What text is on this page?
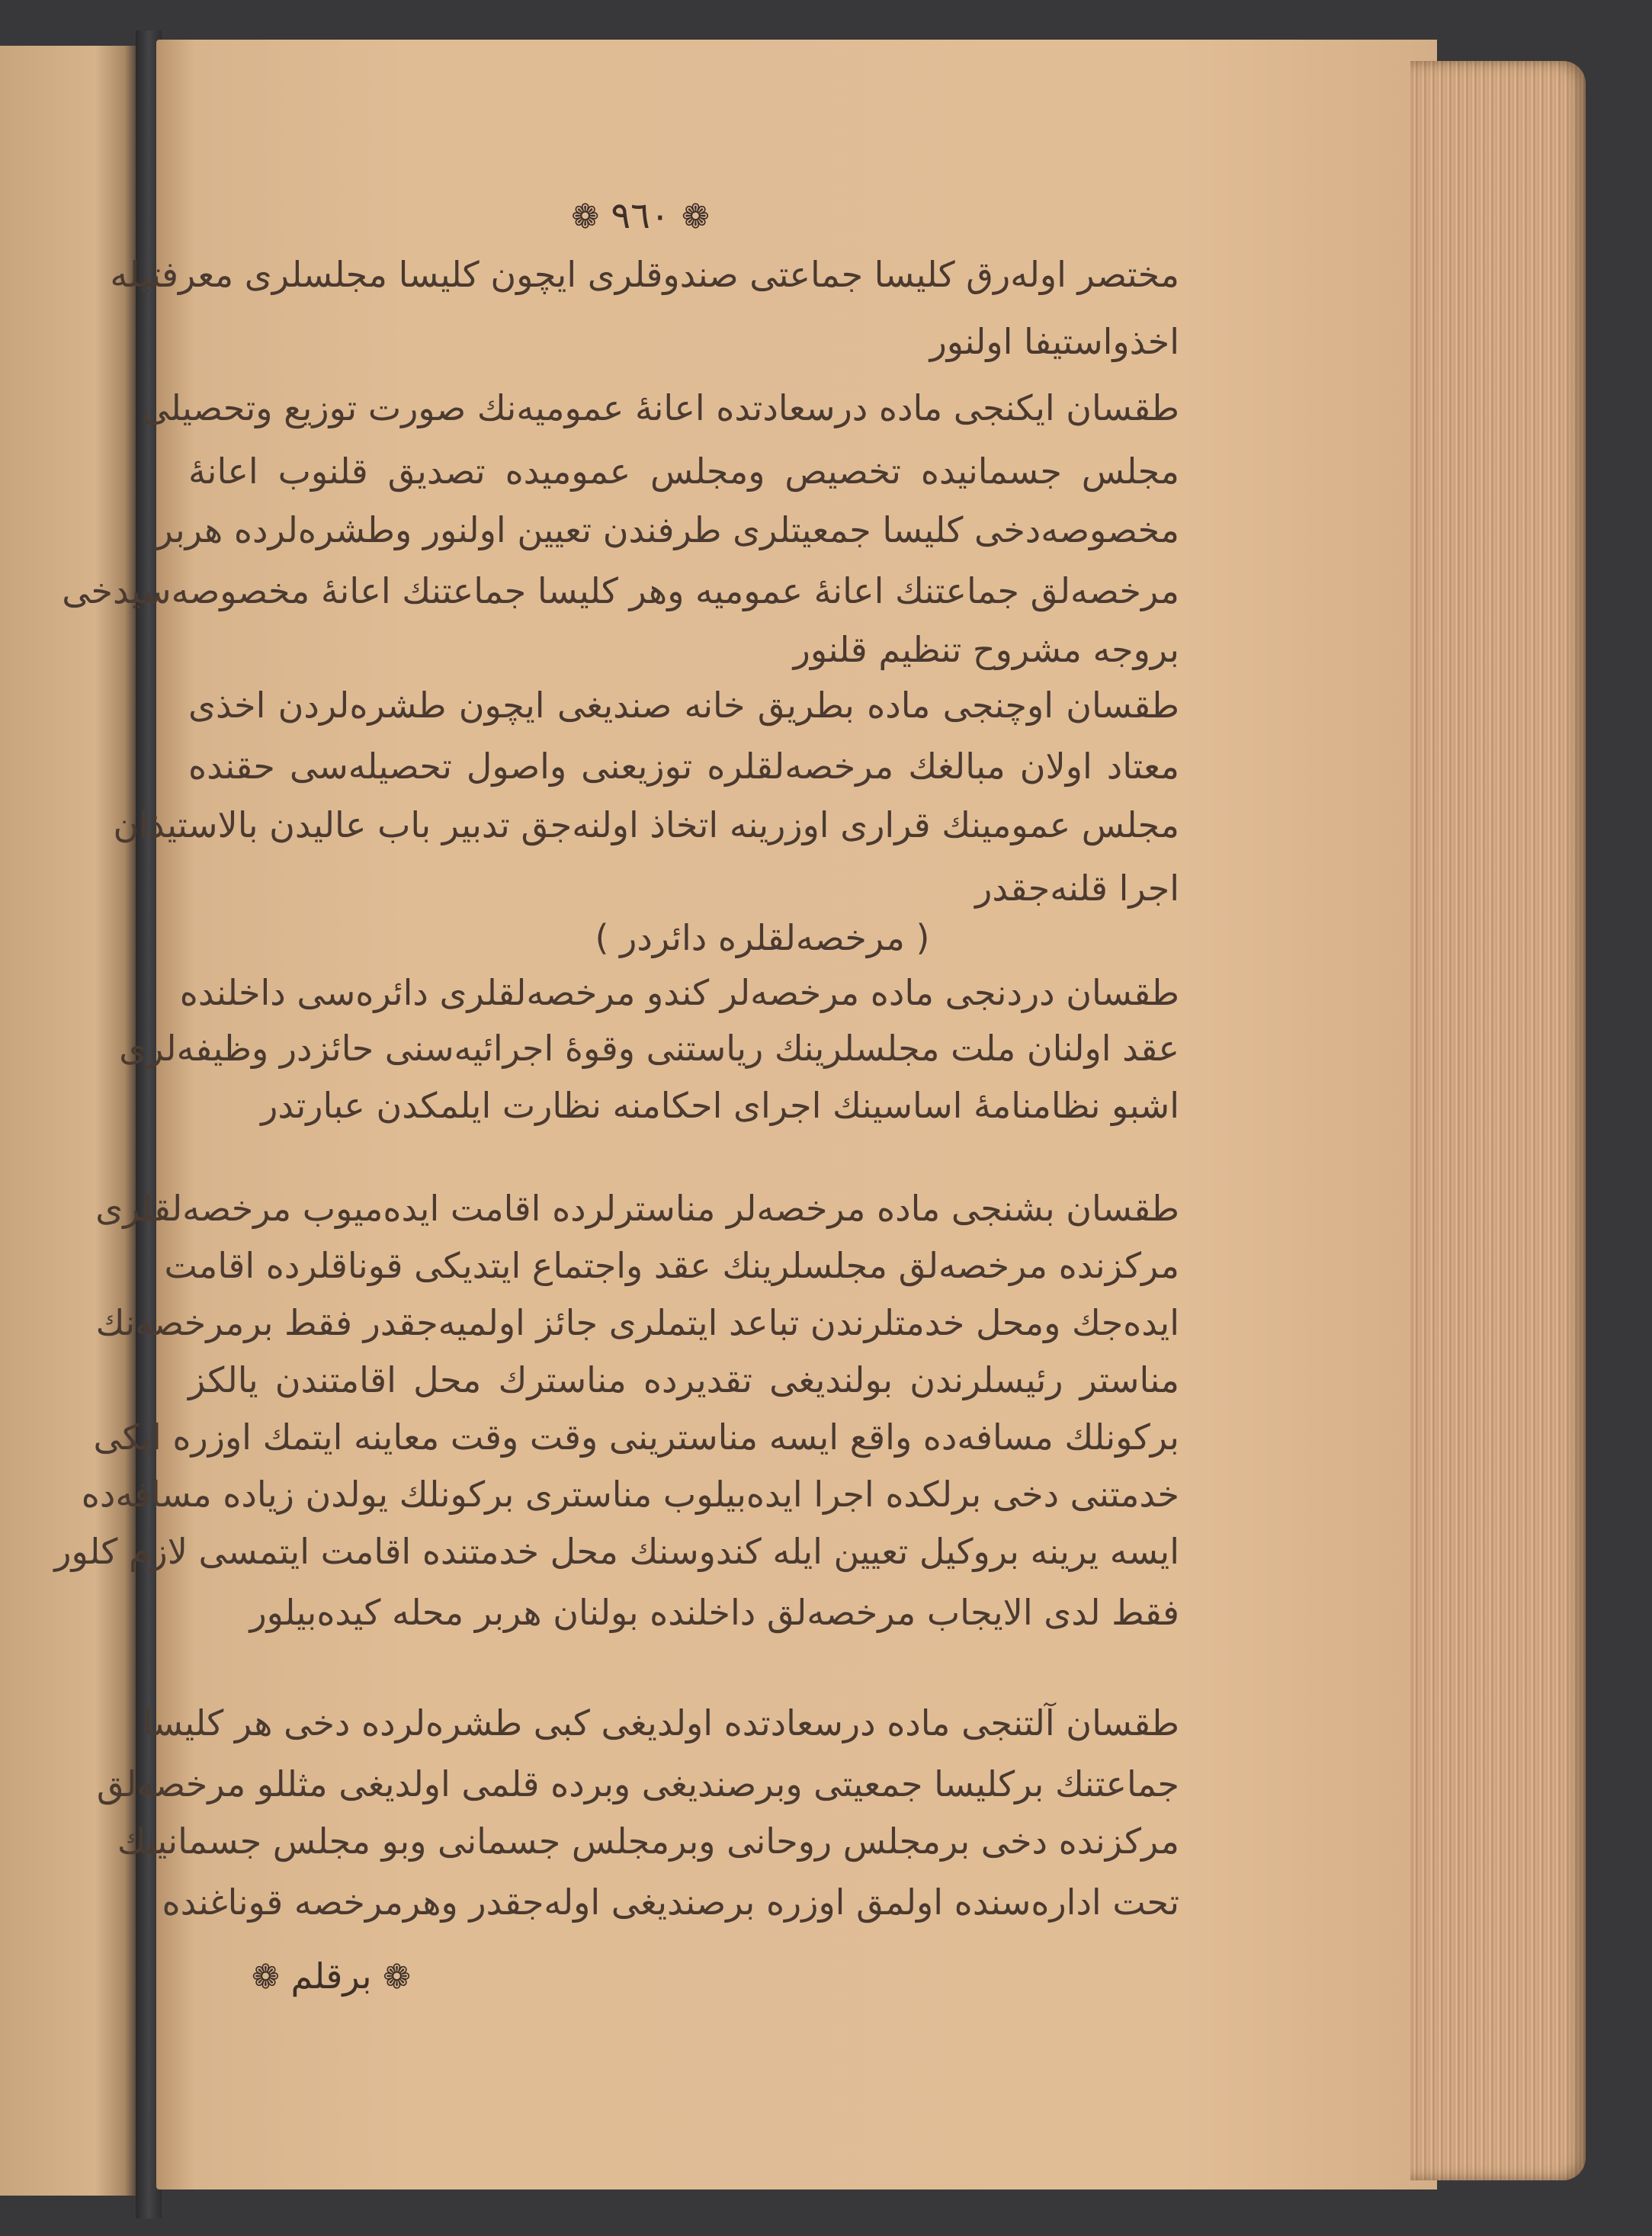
❁ ٩٦٠ ❁
مختصر اولەرق كليسا جماعتى صندوقلرى ايچون كليسا مجلسلرى معرفتيلە
اخذواستيفا اولنور
طقسان ايكنجى مادە درسعادتدە اعانۀ عموميەنك صورت توزيع وتحصيلى
مجلس جسمانيدە تخصيص ومجلس عموميدە تصديق قلنوب اعانۀ
مخصوصەدخى كليسا جمعيتلرى طرفندن تعيين اولنور وطشرەلردە هربر
مرخصەلق جماعتنك اعانۀ عموميە وهر كليسا جماعتنك اعانۀ مخصوصەسيدخى
بروجه مشروح تنظيم قلنور
طقسان اوچنجى مادە بطريق خانە صنديغى ايچون طشرەلردن اخذى
معتاد اولان مبالغك مرخصەلقلرە توزيعنى واصول تحصيلەسى حقندە
مجلس عمومينك قرارى اوزرينە اتخاذ اولنەجق تدبير باب عاليدن بالاستيذان
اجرا قلنەجقدر
( مرخصەلقلرە دائردر )
طقسان دردنجى مادە مرخصەلر كندو مرخصەلقلرى دائرەسى داخلندە
عقد اولنان ملت مجلسلرينك رياستنى وقوۀ اجرائيەسنى حائزدر وظيفەلرى
اشبو نظامنامۀ اساسينك اجراى احكامنە نظارت ايلمكدن عبارتدر
طقسان بشنجى مادە مرخصەلر مناسترلردە اقامت ايدەميوب مرخصەلقلرى
مركزندە مرخصەلق مجلسلرينك عقد واجتماع ايتديكى قوناقلردە اقامت
ايدەجك ومحل خدمتلرندن تباعد ايتملرى جائز اولميەجقدر فقط برمرخصەنك
مناستر رئيسلرندن بولنديغى تقديردە مناسترك محل اقامتندن يالكز
بركونلك مسافەدە واقع ايسە مناسترينى وقت وقت معاينە ايتمك اوزرە ايكى
خدمتنى دخى برلكدە اجرا ايدەبيلوب مناسترى بركونلك يولدن زيادە مسافەدە
ايسە يرينە بروكيل تعيين ايلە كندوسنك محل خدمتندە اقامت ايتمسى لازم كلور
فقط لدى الايجاب مرخصەلق داخلندە بولنان هربر محلە كيدەبيلور
طقسان آلتنجى مادە درسعادتدە اولديغى كبى طشرەلردە دخى هر كليسا
جماعتنك بركليسا جمعيتى وبرصنديغى وبردە قلمى اولديغى مثللو مرخصەلق
مركزندە دخى برمجلس روحانى وبرمجلس جسمانى وبو مجلس جسمانينك
تحت ادارەسندە اولمق اوزرە برصنديغى اولەجقدر وهرمرخصە قوناغندە
❁ برقلم ❁
